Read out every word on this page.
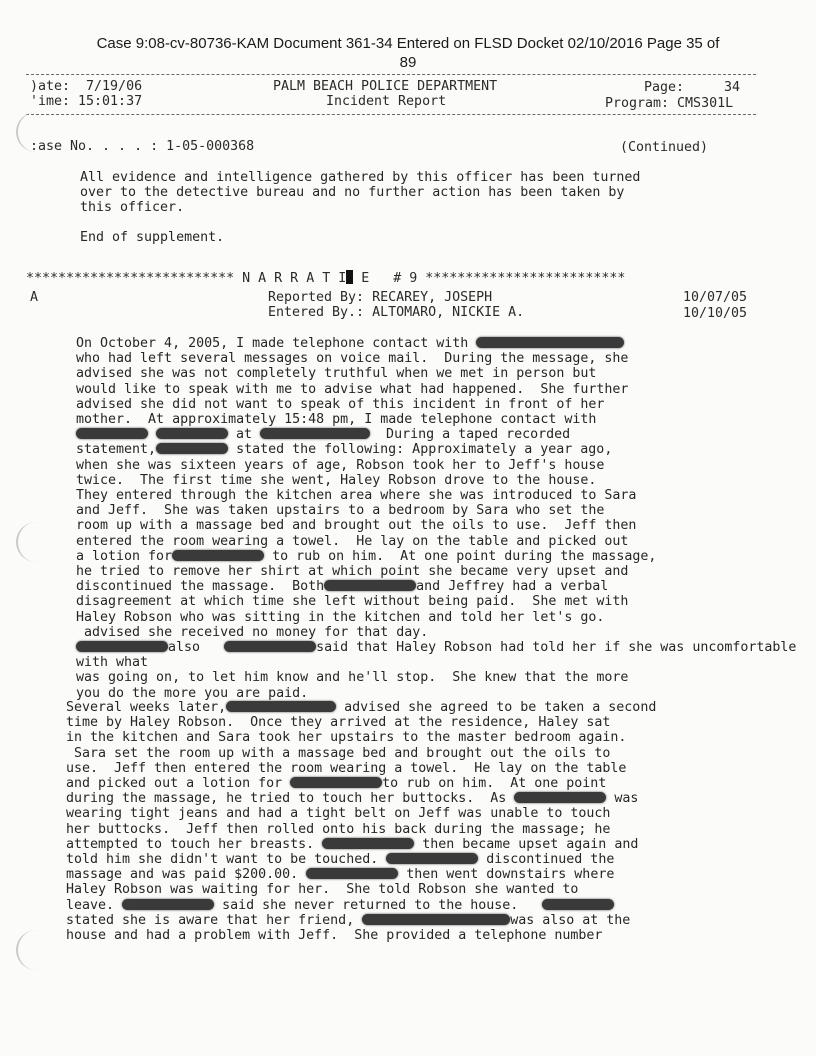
Case 9:08-cv-80736-KAM Document 361-34 Entered on FLSD Docket 02/10/2016 Page 35 of
89
)ate:  7/19/06
'ime: 15:01:37
PALM BEACH POLICE DEPARTMENT
Incident Report
Page:     34
Program: CMS301L
:ase No. . . . : 1-05-000368	(Continued)
All evidence and intelligence gathered by this officer has been turned
over to the detective bureau and no further action has been taken by
this officer.
End of supplement.
************************** N A R R A T I E   # 9 *************************
A	Reported By: RECAREY, JOSEPH	10/07/05
Entered By.: ALTOMARO, NICKIE A.	10/10/05
On October 4, 2005, I made telephone contact with
who had left several messages on voice mail.  During the message, she
advised she was not completely truthful when we met in person but
would like to speak with me to advise what had happened.  She further
advised she did not want to speak of this incident in front of her
mother.  At approximately 15:48 pm, I made telephone contact with
at	During a taped recorded
statement,	stated the following: Approximately a year ago,
when she was sixteen years of age, Robson took her to Jeff's house
twice.  The first time she went, Haley Robson drove to the house.
They entered through the kitchen area where she was introduced to Sara
and Jeff.  She was taken upstairs to a bedroom by Sara who set the
room up with a massage bed and brought out the oils to use.  Jeff then
entered the room wearing a towel.  He lay on the table and picked out
a lotion for	to rub on him.  At one point during the massage,
he tried to remove her shirt at which point she became very upset and
discontinued the massage.  Both	and Jeffrey had a verbal
disagreement at which time she left without being paid.  She met with
Haley Robson who was sitting in the kitchen and told her let's go.
advised she received no money for that day.
also	said that Haley Robson had told her if she was uncomfortable with what
was going on, to let him know and he'll stop.  She knew that the more
you do the more you are paid.
Several weeks later,	advised she agreed to be taken a second
time by Haley Robson.  Once they arrived at the residence, Haley sat
in the kitchen and Sara took her upstairs to the master bedroom again.
Sara set the room up with a massage bed and brought out the oils to
use.  Jeff then entered the room wearing a towel.  He lay on the table
and picked out a lotion for	to rub on him.  At one point
during the massage, he tried to touch her buttocks.  As	was
wearing tight jeans and had a tight belt on Jeff was unable to touch
her buttocks.  Jeff then rolled onto his back during the massage; he
attempted to touch her breasts.	then became upset again and
told him she didn't want to be touched.	discontinued the
massage and was paid $200.00.	then went downstairs where
Haley Robson was waiting for her.  She told Robson she wanted to
leave.	said she never returned to the house.
stated she is aware that her friend,	was also at the
house and had a problem with Jeff.  She provided a telephone number
